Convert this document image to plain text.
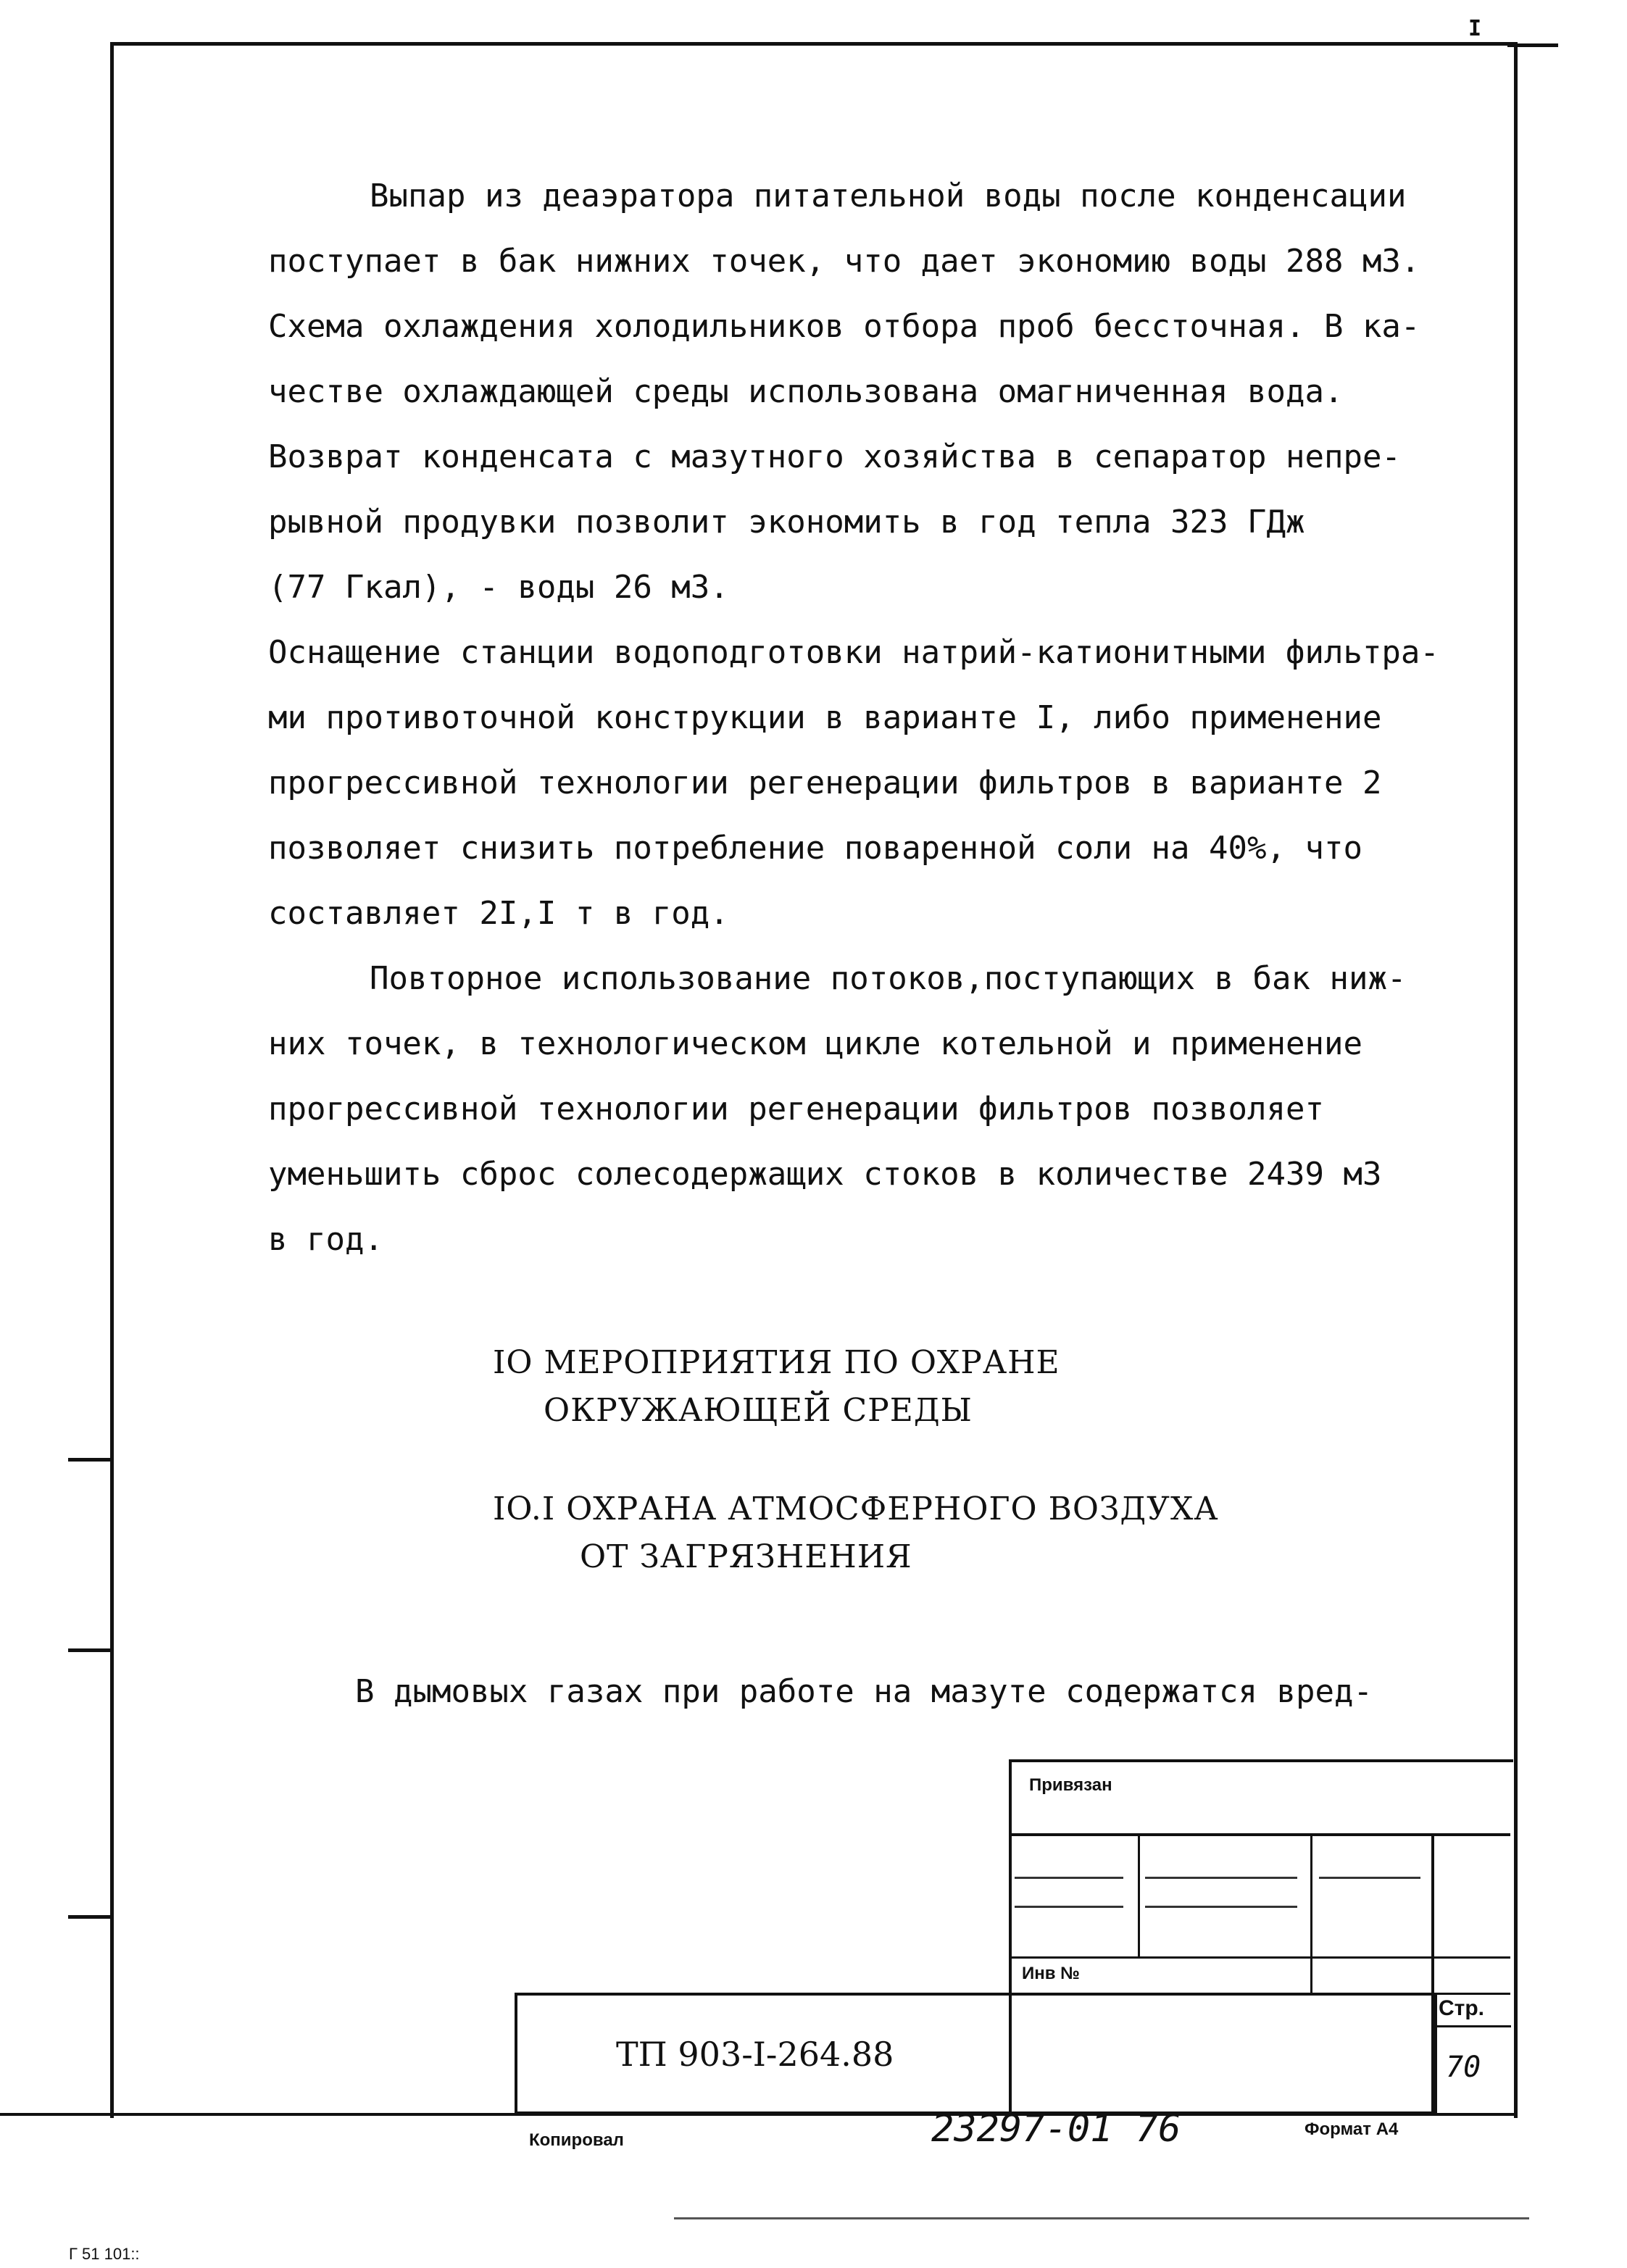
I
Выпар из деаэратора питательной воды после конденсации
поступает в бак нижних точек, что дает экономию воды 288 м3.
Схема охлаждения холодильников отбора проб бессточная. В ка-
честве охлаждающей среды использована омагниченная вода.
Возврат конденсата с мазутного хозяйства в сепаратор непре-
рывной продувки позволит экономить в год тепла 323 ГДж
(77 Гкал), - воды 26 м3.
Оснащение станции водоподготовки натрий-катионитными фильтра-
ми противоточной конструкции в варианте I, либо применение
прогрессивной технологии регенерации фильтров в варианте 2
позволяет снизить потребление поваренной соли на 40%, что
составляет 2I,I т в год.
Повторное использование потоков,поступающих в бак ниж-
них точек, в технологическом цикле котельной и применение
прогрессивной технологии регенерации фильтров позволяет
уменьшить сброс солесодержащих стоков в количестве 2439 м3
в год.
IO МЕРОПРИЯТИЯ ПО ОХРАНЕ
ОКРУЖАЮЩЕЙ СРЕДЫ
IO.I ОХРАНА АТМОСФЕРНОГО ВОЗДУХА
ОТ ЗАГРЯЗНЕНИЯ
В дымовых газах при работе на мазуте содержатся вред-
Привязан
Инв №
ТП 903-I-264.88
Стр.
70
Копировал	23297-01 76	Формат А4
Г 51 101::
